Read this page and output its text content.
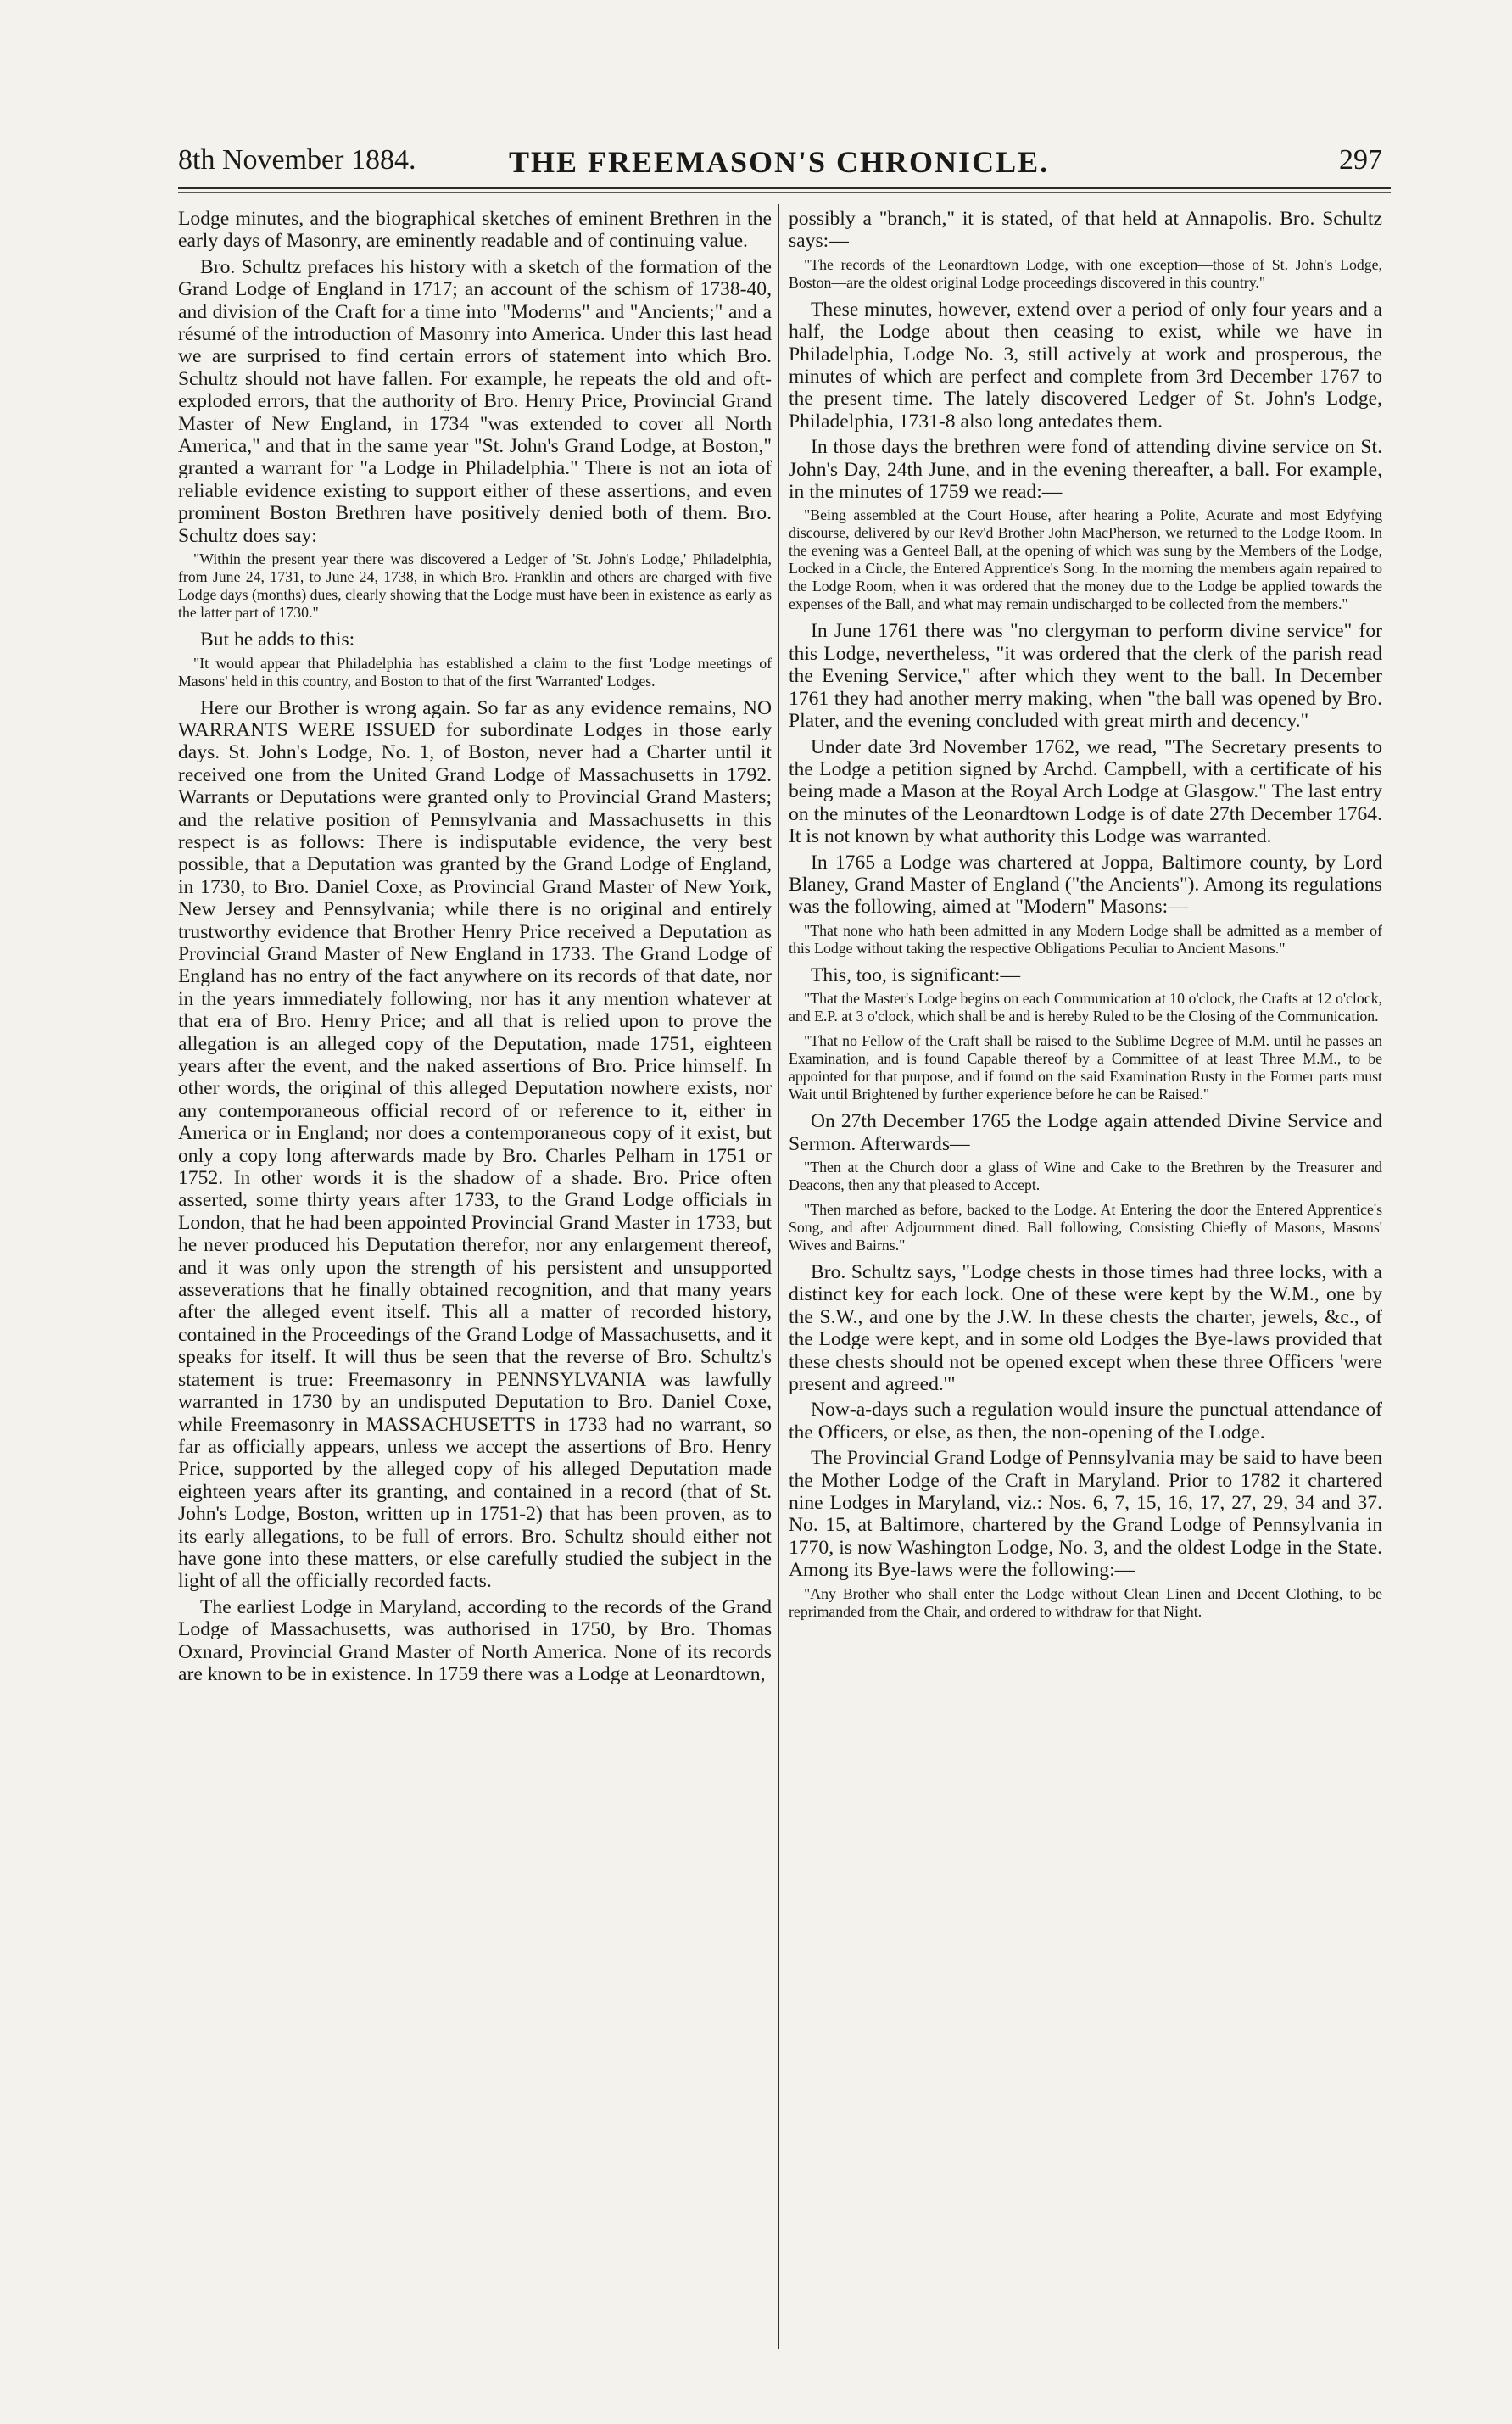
8th November 1884.	THE FREEMASON'S CHRONICLE.	297

Lodge minutes, and the biographical sketches of eminent Brethren in the early days of Masonry, are eminently readable and of continuing value.

Bro. Schultz prefaces his history with a sketch of the formation of the Grand Lodge of England in 1717; an account of the schism of 1738-40, and division of the Craft for a time into "Moderns" and "Ancients;" and a résumé of the introduction of Masonry into America. Under this last head we are surprised to find certain errors of statement into which Bro. Schultz should not have fallen. For example, he repeats the old and oft-exploded errors, that the authority of Bro. Henry Price, Provincial Grand Master of New England, in 1734 "was extended to cover all North America," and that in the same year "St. John's Grand Lodge, at Boston," granted a warrant for "a Lodge in Philadelphia." There is not an iota of reliable evidence existing to support either of these assertions, and even prominent Boston Brethren have positively denied both of them. Bro. Schultz does say:

"Within the present year there was discovered a Ledger of 'St. John's Lodge,' Philadelphia, from June 24, 1731, to June 24, 1738, in which Bro. Franklin and others are charged with five Lodge days (months) dues, clearly showing that the Lodge must have been in existence as early as the latter part of 1730."

But he adds to this:

"It would appear that Philadelphia has established a claim to the first 'Lodge meetings of Masons' held in this country, and Boston to that of the first 'Warranted' Lodges.

Here our Brother is wrong again. So far as any evidence remains, NO WARRANTS WERE ISSUED for subordinate Lodges in those early days. St. John's Lodge, No. 1, of Boston, never had a Charter until it received one from the United Grand Lodge of Massachusetts in 1792. Warrants or Deputations were granted only to Provincial Grand Masters; and the relative position of Pennsylvania and Massachusetts in this respect is as follows: There is indisputable evidence, the very best possible, that a Deputation was granted by the Grand Lodge of England, in 1730, to Bro. Daniel Coxe, as Provincial Grand Master of New York, New Jersey and Pennsylvania; while there is no original and entirely trustworthy evidence that Brother Henry Price received a Deputation as Provincial Grand Master of New England in 1733. The Grand Lodge of England has no entry of the fact anywhere on its records of that date, nor in the years immediately following, nor has it any mention whatever at that era of Bro. Henry Price; and all that is relied upon to prove the allegation is an alleged copy of the Deputation, made 1751, eighteen years after the event, and the naked assertions of Bro. Price himself. In other words, the original of this alleged Deputation nowhere exists, nor any contemporaneous official record of or reference to it, either in America or in England; nor does a contemporaneous copy of it exist, but only a copy long afterwards made by Bro. Charles Pelham in 1751 or 1752. In other words it is the shadow of a shade. Bro. Price often asserted, some thirty years after 1733, to the Grand Lodge officials in London, that he had been appointed Provincial Grand Master in 1733, but he never produced his Deputation therefor, nor any enlargement thereof, and it was only upon the strength of his persistent and unsupported asseverations that he finally obtained recognition, and that many years after the alleged event itself. This all a matter of recorded history, contained in the Proceedings of the Grand Lodge of Massachusetts, and it speaks for itself. It will thus be seen that the reverse of Bro. Schultz's statement is true: Freemasonry in PENNSYLVANIA was lawfully warranted in 1730 by an undisputed Deputation to Bro. Daniel Coxe, while Freemasonry in MASSACHUSETTS in 1733 had no warrant, so far as officially appears, unless we accept the assertions of Bro. Henry Price, supported by the alleged copy of his alleged Deputation made eighteen years after its granting, and contained in a record (that of St. John's Lodge, Boston, written up in 1751-2) that has been proven, as to its early allegations, to be full of errors. Bro. Schultz should either not have gone into these matters, or else carefully studied the subject in the light of all the officially recorded facts.

The earliest Lodge in Maryland, according to the records of the Grand Lodge of Massachusetts, was authorised in 1750, by Bro. Thomas Oxnard, Provincial Grand Master of North America. None of its records are known to be in existence. In 1759 there was a Lodge at Leonardtown,

possibly a "branch," it is stated, of that held at Annapolis. Bro. Schultz says:—

"The records of the Leonardtown Lodge, with one exception—those of St. John's Lodge, Boston—are the oldest original Lodge proceedings discovered in this country."

These minutes, however, extend over a period of only four years and a half, the Lodge about then ceasing to exist, while we have in Philadelphia, Lodge No. 3, still actively at work and prosperous, the minutes of which are perfect and complete from 3rd December 1767 to the present time. The lately discovered Ledger of St. John's Lodge, Philadelphia, 1731-8 also long antedates them.

In those days the brethren were fond of attending divine service on St. John's Day, 24th June, and in the evening thereafter, a ball. For example, in the minutes of 1759 we read:—

"Being assembled at the Court House, after hearing a Polite, Acurate and most Edyfying discourse, delivered by our Rev'd Brother John MacPherson, we returned to the Lodge Room. In the evening was a Genteel Ball, at the opening of which was sung by the Members of the Lodge, Locked in a Circle, the Entered Apprentice's Song. In the morning the members again repaired to the Lodge Room, when it was ordered that the money due to the Lodge be applied towards the expenses of the Ball, and what may remain undischarged to be collected from the members."

In June 1761 there was "no clergyman to perform divine service" for this Lodge, nevertheless, "it was ordered that the clerk of the parish read the Evening Service," after which they went to the ball. In December 1761 they had another merry making, when "the ball was opened by Bro. Plater, and the evening concluded with great mirth and decency."

Under date 3rd November 1762, we read, "The Secretary presents to the Lodge a petition signed by Archd. Campbell, with a certificate of his being made a Mason at the Royal Arch Lodge at Glasgow." The last entry on the minutes of the Leonardtown Lodge is of date 27th December 1764. It is not known by what authority this Lodge was warranted.

In 1765 a Lodge was chartered at Joppa, Baltimore county, by Lord Blaney, Grand Master of England ("the Ancients"). Among its regulations was the following, aimed at "Modern" Masons:—

"That none who hath been admitted in any Modern Lodge shall be admitted as a member of this Lodge without taking the respective Obligations Peculiar to Ancient Masons."

This, too, is significant:—

"That the Master's Lodge begins on each Communication at 10 o'clock, the Crafts at 12 o'clock, and E.P. at 3 o'clock, which shall be and is hereby Ruled to be the Closing of the Communication.

"That no Fellow of the Craft shall be raised to the Sublime Degree of M.M. until he passes an Examination, and is found Capable thereof by a Committee of at least Three M.M., to be appointed for that purpose, and if found on the said Examination Rusty in the Former parts must Wait until Brightened by further experience before he can be Raised."

On 27th December 1765 the Lodge again attended Divine Service and Sermon. Afterwards—

"Then at the Church door a glass of Wine and Cake to the Brethren by the Treasurer and Deacons, then any that pleased to Accept.

"Then marched as before, backed to the Lodge. At Entering the door the Entered Apprentice's Song, and after Adjournment dined. Ball following, Consisting Chiefly of Masons, Masons' Wives and Bairns."

Bro. Schultz says, "Lodge chests in those times had three locks, with a distinct key for each lock. One of these were kept by the W.M., one by the S.W., and one by the J.W. In these chests the charter, jewels, &c., of the Lodge were kept, and in some old Lodges the Bye-laws provided that these chests should not be opened except when these three Officers 'were present and agreed.'"

Now-a-days such a regulation would insure the punctual attendance of the Officers, or else, as then, the non-opening of the Lodge.

The Provincial Grand Lodge of Pennsylvania may be said to have been the Mother Lodge of the Craft in Maryland. Prior to 1782 it chartered nine Lodges in Maryland, viz.: Nos. 6, 7, 15, 16, 17, 27, 29, 34 and 37. No. 15, at Baltimore, chartered by the Grand Lodge of Pennsylvania in 1770, is now Washington Lodge, No. 3, and the oldest Lodge in the State. Among its Bye-laws were the following:—

"Any Brother who shall enter the Lodge without Clean Linen and Decent Clothing, to be reprimanded from the Chair, and ordered to withdraw for that Night.
